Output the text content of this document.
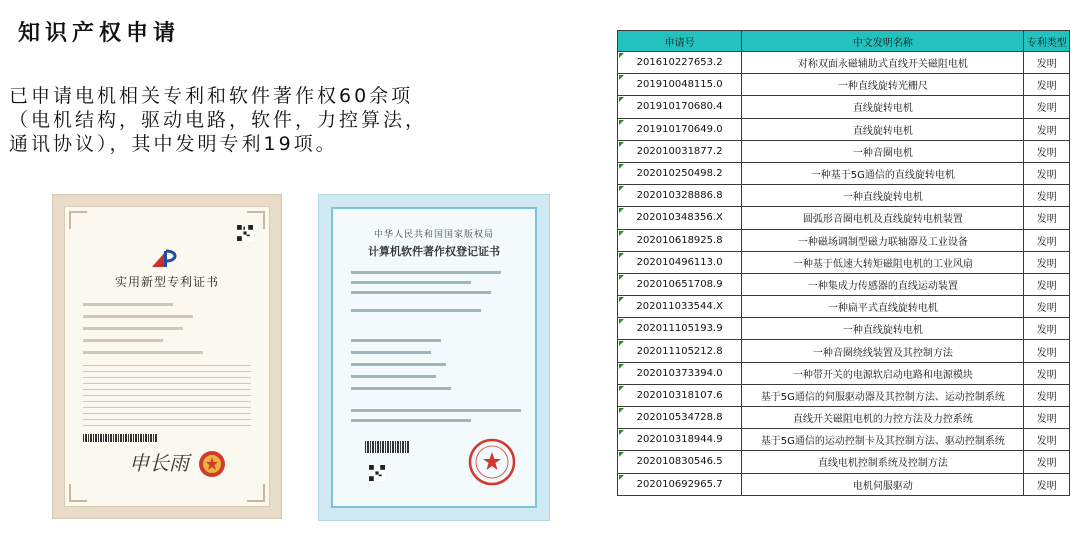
知识产权申请
已申请电机相关专利和软件著作权60余项
（电机结构，驱动电路，软件，力控算法，
通讯协议），其中发明专利19项。
实用新型专利证书
申长雨
中华人民共和国国家版权局
计算机软件著作权登记证书
申请号	中文发明名称	专利类型
201610227653.2	对称双面永磁辅助式直线开关磁阻电机	发明
201910048115.0	一种直线旋转光栅尺	发明
201910170680.4	直线旋转电机	发明
201910170649.0	直线旋转电机	发明
202010031877.2	一种音圈电机	发明
202010250498.2	一种基于5G通信的直线旋转电机	发明
202010328886.8	一种直线旋转电机	发明
202010348356.X	圆弧形音圈电机及直线旋转电机装置	发明
202010618925.8	一种磁场调制型磁力联轴器及工业设备	发明
202010496113.0	一种基于低速大转矩磁阻电机的工业风扇	发明
202010651708.9	一种集成力传感器的直线运动装置	发明
202011033544.X	一种扁平式直线旋转电机	发明
202011105193.9	一种直线旋转电机	发明
202011105212.8	一种音圈绕线装置及其控制方法	发明
202010373394.0	一种带开关的电源软启动电路和电源模块	发明
202010318107.6	基于5G通信的伺服驱动器及其控制方法、运动控制系统	发明
202010534728.8	直线开关磁阻电机的力控方法及力控系统	发明
202010318944.9	基于5G通信的运动控制卡及其控制方法、驱动控制系统	发明
202010830546.5	直线电机控制系统及控制方法	发明
202010692965.7	电机伺服驱动	发明
